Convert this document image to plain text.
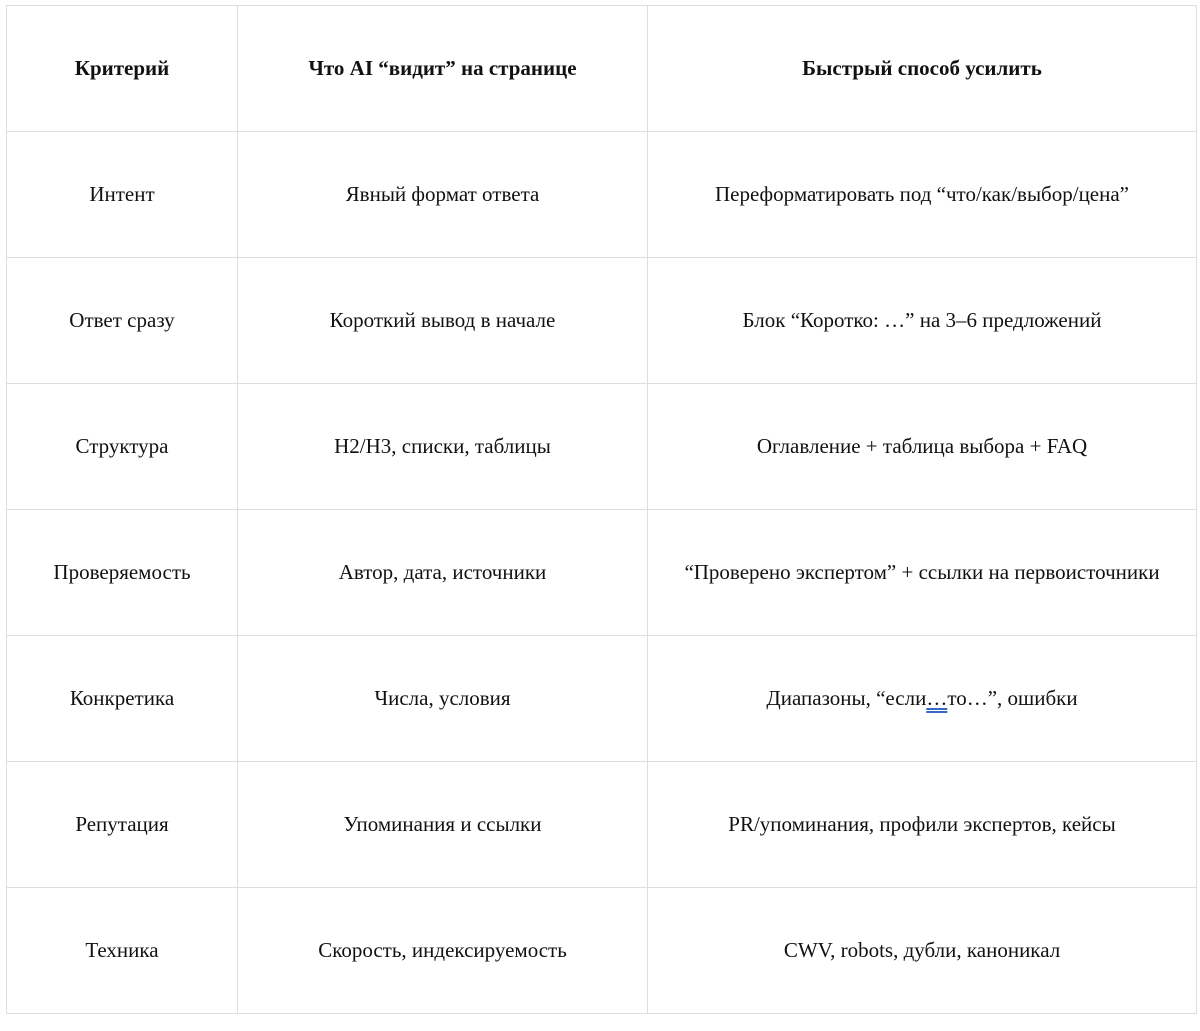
Критерий	Что AI “видит” на странице	Быстрый способ усилить
Интент	Явный формат ответа	Переформатировать под “что/как/выбор/цена”
Ответ сразу	Короткий вывод в начале	Блок “Коротко: …” на 3–6 предложений
Структура	H2/H3, списки, таблицы	Оглавление + таблица выбора + FAQ
Проверяемость	Автор, дата, источники	“Проверено экспертом” + ссылки на первоисточники
Конкретика	Числа, условия	Диапазоны, “если…то…”, ошибки
Репутация	Упоминания и ссылки	PR/упоминания, профили экспертов, кейсы
Техника	Скорость, индексируемость	CWV, robots, дубли, каноникал
